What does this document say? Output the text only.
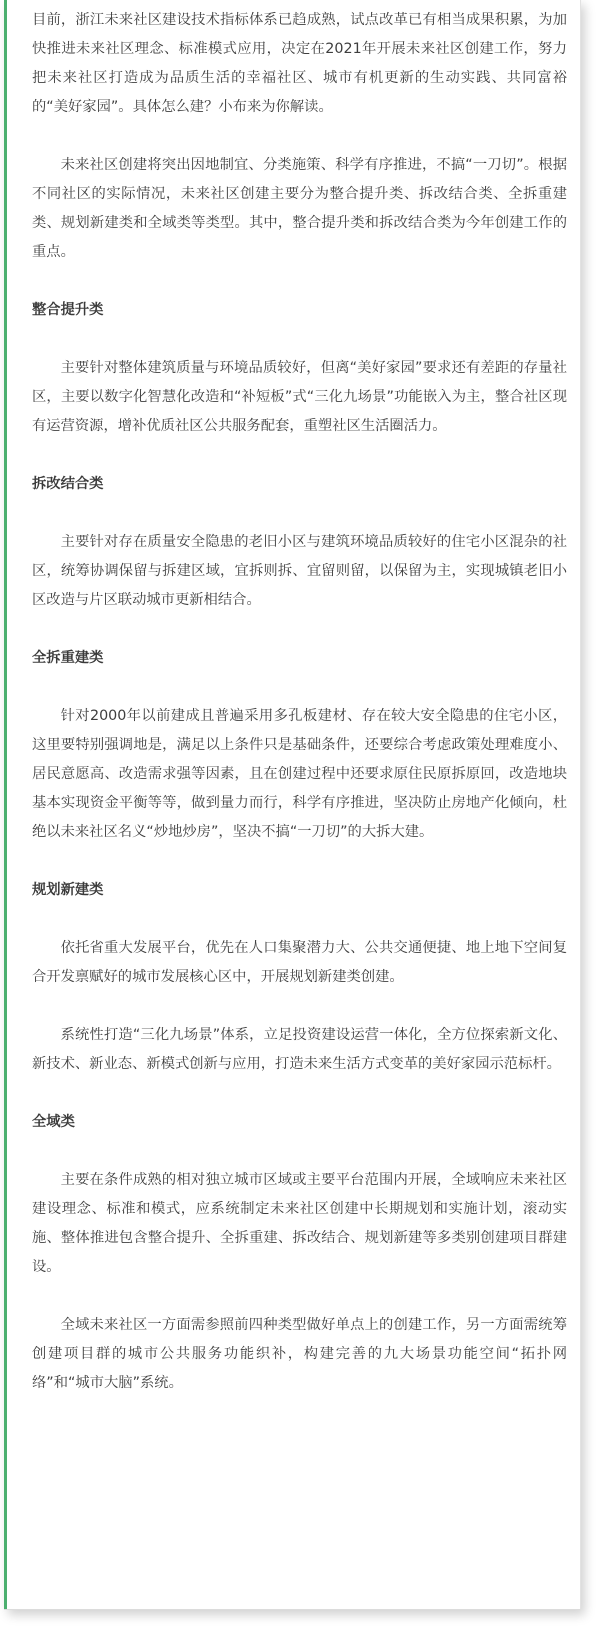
目前，浙江未来社区建设技术指标体系已趋成熟，试点改革已有相当成果积累，为加快推进未来社区理念、标准模式应用，决定在2021年开展未来社区创建工作，努力把未来社区打造成为品质生活的幸福社区、城市有机更新的生动实践、共同富裕的“美好家园”。具体怎么建？小布来为你解读。

未来社区创建将突出因地制宜、分类施策、科学有序推进，不搞“一刀切”。根据不同社区的实际情况，未来社区创建主要分为整合提升类、拆改结合类、全拆重建类、规划新建类和全域类等类型。其中，整合提升类和拆改结合类为今年创建工作的重点。

整合提升类

主要针对整体建筑质量与环境品质较好，但离“美好家园”要求还有差距的存量社区，主要以数字化智慧化改造和“补短板”式“三化九场景”功能嵌入为主，整合社区现有运营资源，增补优质社区公共服务配套，重塑社区生活圈活力。

拆改结合类

主要针对存在质量安全隐患的老旧小区与建筑环境品质较好的住宅小区混杂的社区，统筹协调保留与拆建区域，宜拆则拆、宜留则留，以保留为主，实现城镇老旧小区改造与片区联动城市更新相结合。

全拆重建类

针对2000年以前建成且普遍采用多孔板建材、存在较大安全隐患的住宅小区，这里要特别强调地是，满足以上条件只是基础条件，还要综合考虑政策处理难度小、居民意愿高、改造需求强等因素，且在创建过程中还要求原住民原拆原回，改造地块基本实现资金平衡等等，做到量力而行，科学有序推进，坚决防止房地产化倾向，杜绝以未来社区名义“炒地炒房”，坚决不搞“一刀切”的大拆大建。

规划新建类

依托省重大发展平台，优先在人口集聚潜力大、公共交通便捷、地上地下空间复合开发禀赋好的城市发展核心区中，开展规划新建类创建。

系统性打造“三化九场景”体系，立足投资建设运营一体化，全方位探索新文化、新技术、新业态、新模式创新与应用，打造未来生活方式变革的美好家园示范标杆。

全域类

主要在条件成熟的相对独立城市区域或主要平台范围内开展，全域响应未来社区建设理念、标准和模式，应系统制定未来社区创建中长期规划和实施计划，滚动实施、整体推进包含整合提升、全拆重建、拆改结合、规划新建等多类别创建项目群建设。

全域未来社区一方面需参照前四种类型做好单点上的创建工作，另一方面需统筹创建项目群的城市公共服务功能织补，构建完善的九大场景功能空间“拓扑网络”和“城市大脑”系统。
